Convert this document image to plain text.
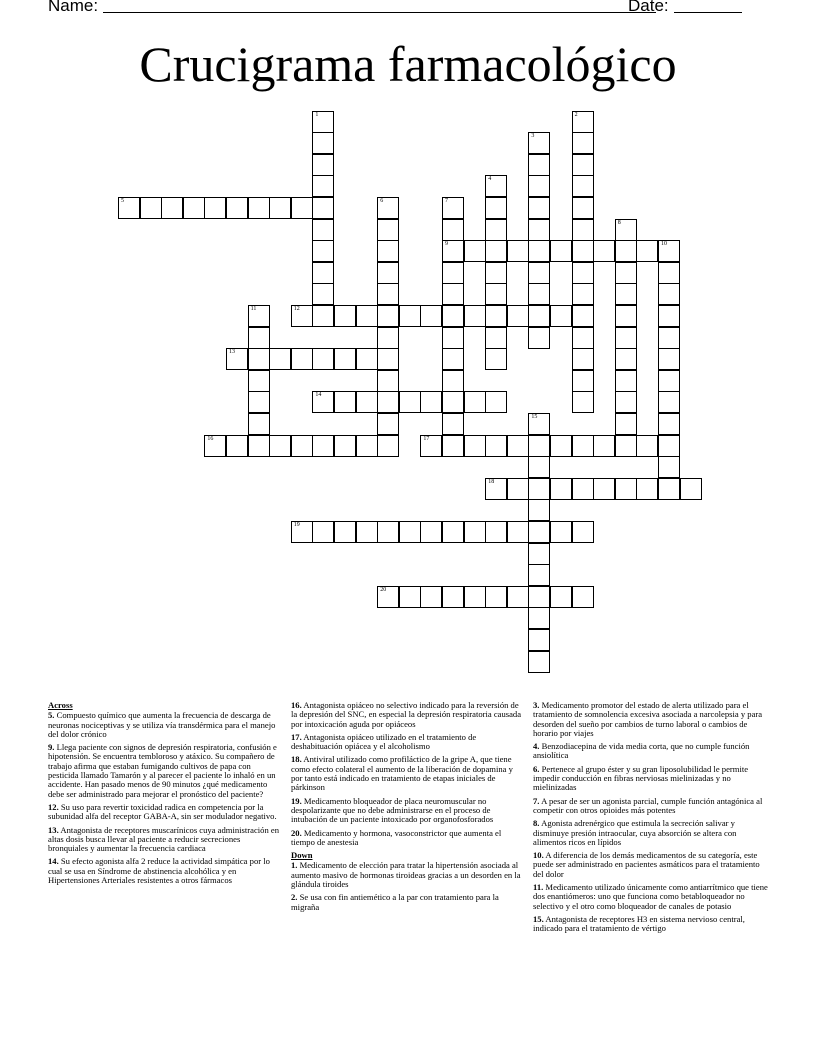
Name:	Date:
Crucigrama farmacológico
1	2
3
4
5	6	7
9
8
10
11	12
13
14
15
16	17
18
19
20
Across

5. Compuesto químico que aumenta la frecuencia de descarga de neuronas nociceptivas y se utiliza vía transdérmica para el manejo del dolor crónico

9. Llega paciente con signos de depresión respiratoria, confusión e hipotensión. Se encuentra tembloroso y atáxico. Su compañero de trabajo afirma que estaban fumigando cultivos de papa con pesticida llamado Tamarón y al parecer el paciente lo inhaló en un accidente. Han pasado menos de 90 minutos ¿qué medicamento debe ser administrado para mejorar el pronóstico del paciente?

12. Su uso para revertir toxicidad radica en competencia por la subunidad alfa del receptor GABA-A, sin ser modulador negativo.

13. Antagonista de receptores muscarínicos cuya administración en altas dosis busca llevar al paciente a reducir secreciones bronquiales y aumentar la frecuencia cardiaca

14. Su efecto agonista alfa 2 reduce la actividad simpática por lo cual se usa en Síndrome de abstinencia alcohólica y en Hipertensiones Arteriales resistentes a otros fármacos

16. Antagonista opiáceo no selectivo indicado para la reversión de la depresión del SNC, en especial la depresión respiratoria causada por intoxicación aguda por opiáceos

17. Antagonista opiáceo utilizado en el tratamiento de deshabituación opiácea y el alcoholismo

18. Antiviral utilizado como profiláctico de la gripe A, que tiene como efecto colateral el aumento de la liberación de dopamina y por tanto está indicado en tratamiento de etapas iniciales de párkinson

19. Medicamento bloqueador de placa neuromuscular no despolarizante que no debe administrarse en el proceso de intubación de un paciente intoxicado por organofosforados

20. Medicamento y hormona, vasoconstrictor que aumenta el tiempo de anestesia

Down

1. Medicamento de elección para tratar la hipertensión asociada al aumento masivo de hormonas tiroideas gracias a un desorden en la glándula tiroides

2. Se usa con fin antiemético a la par con tratamiento para la migraña

3. Medicamento promotor del estado de alerta utilizado para el tratamiento de somnolencia excesiva asociada a narcolepsia y para desorden del sueño por cambios de turno laboral o cambios de horario por viajes

4. Benzodiacepina de vida media corta, que no cumple función ansiolítica

6. Pertenece al grupo éster y su gran liposolubilidad le permite impedir conducción en fibras nerviosas mielinizadas y no mielinizadas

7. A pesar de ser un agonista parcial, cumple función antagónica al competir con otros opioides más potentes

8. Agonista adrenérgico que estimula la secreción salivar y disminuye presión intraocular, cuya absorción se altera con alimentos ricos en lípidos

10. A diferencia de los demás medicamentos de su categoría, este puede ser administrado en pacientes asmáticos para el tratamiento del dolor

11. Medicamento utilizado únicamente como antiarrítmico que tiene dos enantiómeros: uno que funciona como betabloqueador no selectivo y el otro como bloqueador de canales de potasio

15. Antagonista de receptores H3 en sistema nervioso central, indicado para el tratamiento de vértigo
